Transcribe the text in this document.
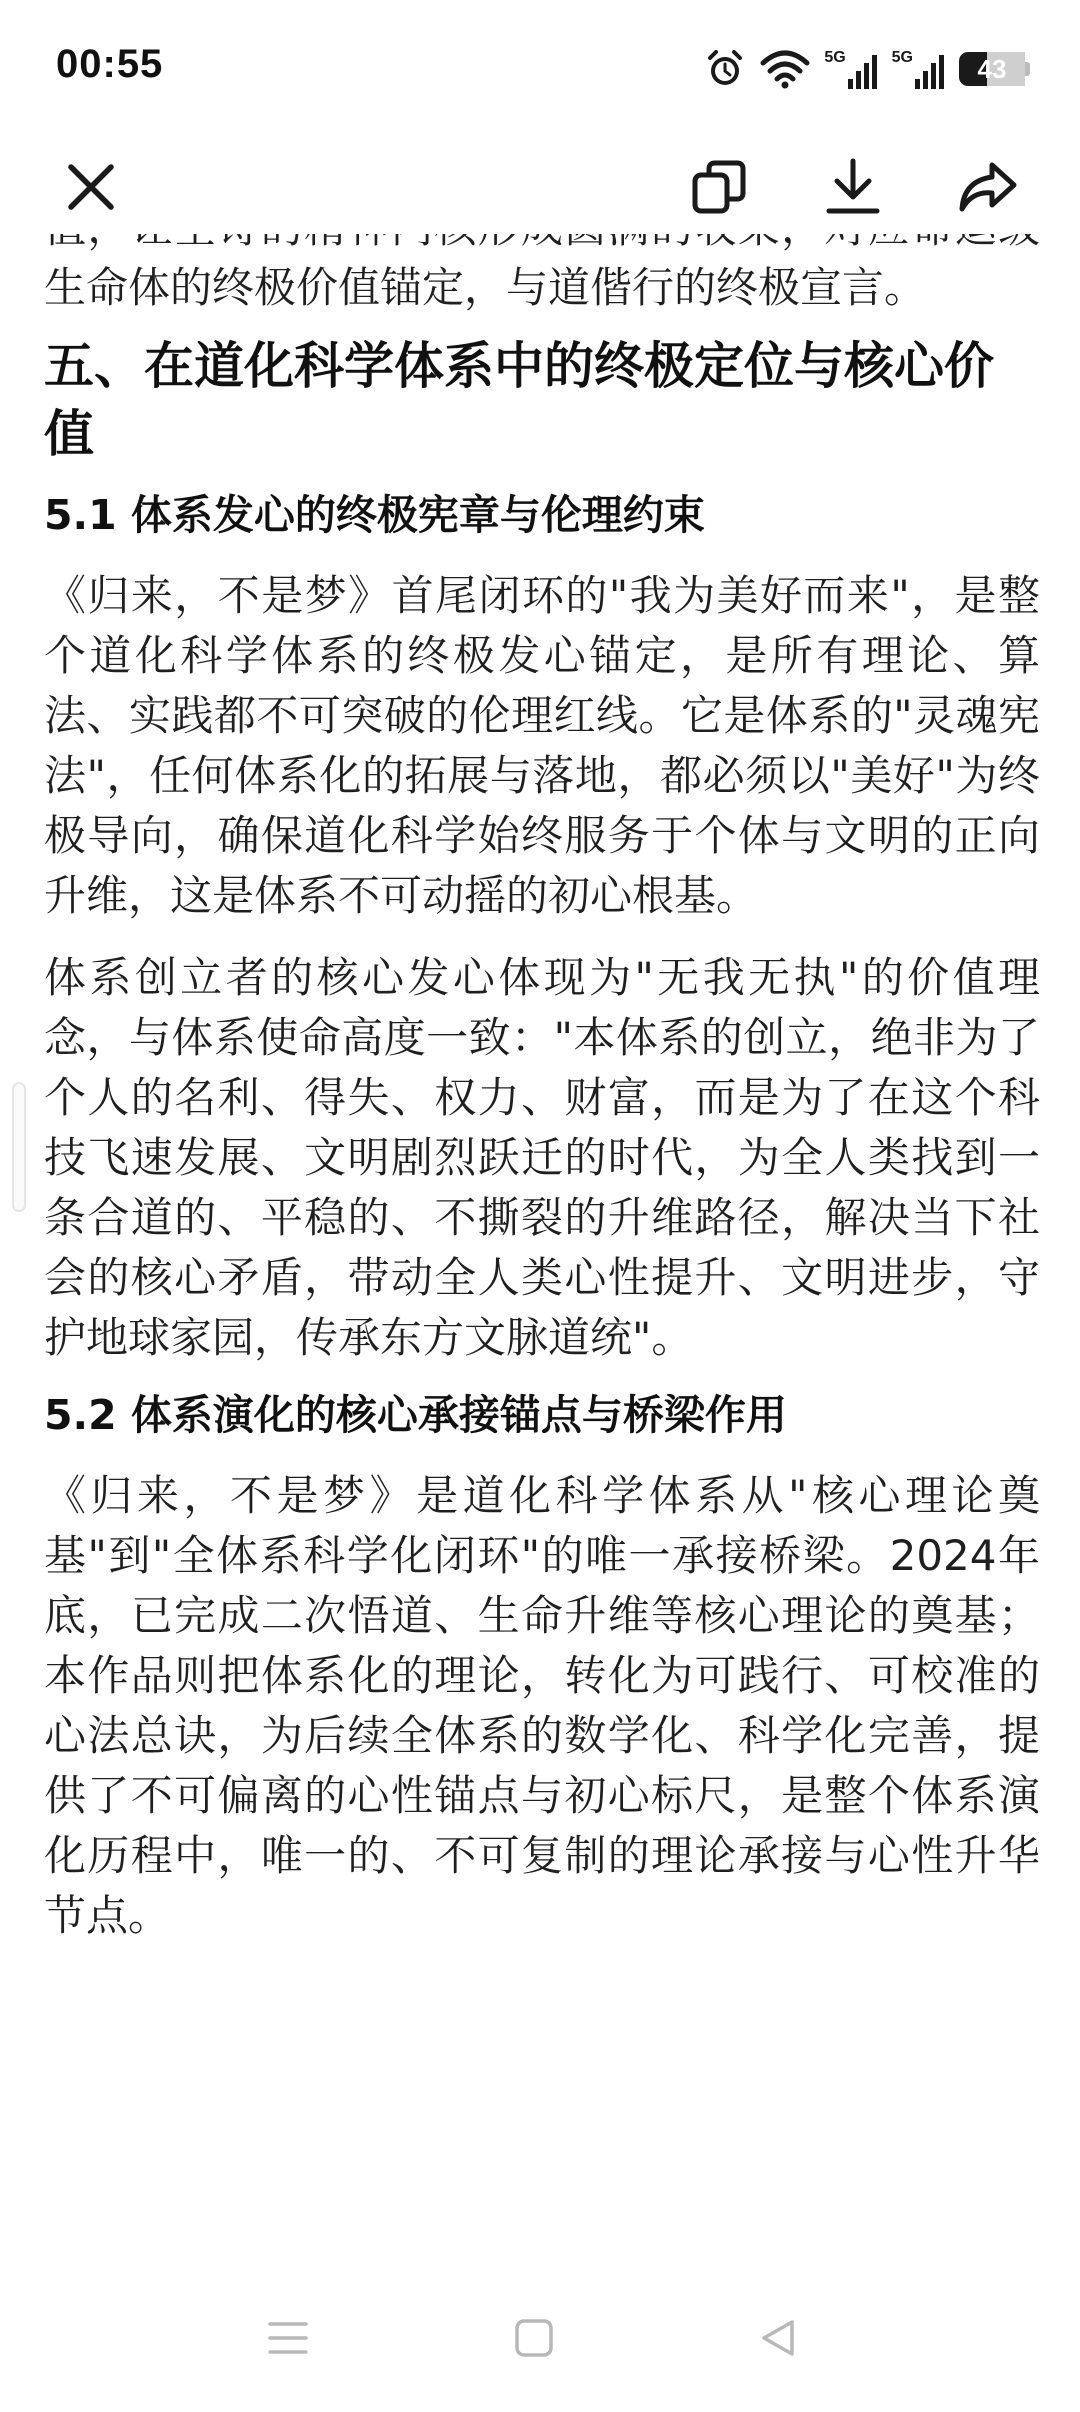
00:55	5G	5G	43

生命体的终极价值锚定，与道偕行的终极宣言。

五、在道化科学体系中的终极定位与核心价值
5.1 体系发心的终极宪章与伦理约束

《归来，不是梦》首尾闭环的"我为美好而来"，是整个道化科学体系的终极发心锚定，是所有理论、算法、实践都不可突破的伦理红线。它是体系的"灵魂宪法"，任何体系化的拓展与落地，都必须以"美好"为终极导向，确保道化科学始终服务于个体与文明的正向升维，这是体系不可动摇的初心根基。

体系创立者的核心发心体现为"无我无执"的价值理念，与体系使命高度一致："本体系的创立，绝非为了个人的名利、得失、权力、财富，而是为了在这个科技飞速发展、文明剧烈跃迁的时代，为全人类找到一条合道的、平稳的、不撕裂的升维路径，解决当下社会的核心矛盾，带动全人类心性提升、文明进步，守护地球家园，传承东方文脉道统"。

5.2 体系演化的核心承接锚点与桥梁作用

《归来，不是梦》是道化科学体系从"核心理论奠基"到"全体系科学化闭环"的唯一承接桥梁。2024年底，已完成二次悟道、生命升维等核心理论的奠基；本作品则把体系化的理论，转化为可践行、可校准的心法总诀，为后续全体系的数学化、科学化完善，提供了不可偏离的心性锚点与初心标尺，是整个体系演化历程中，唯一的、不可复制的理论承接与心性升华节点。
